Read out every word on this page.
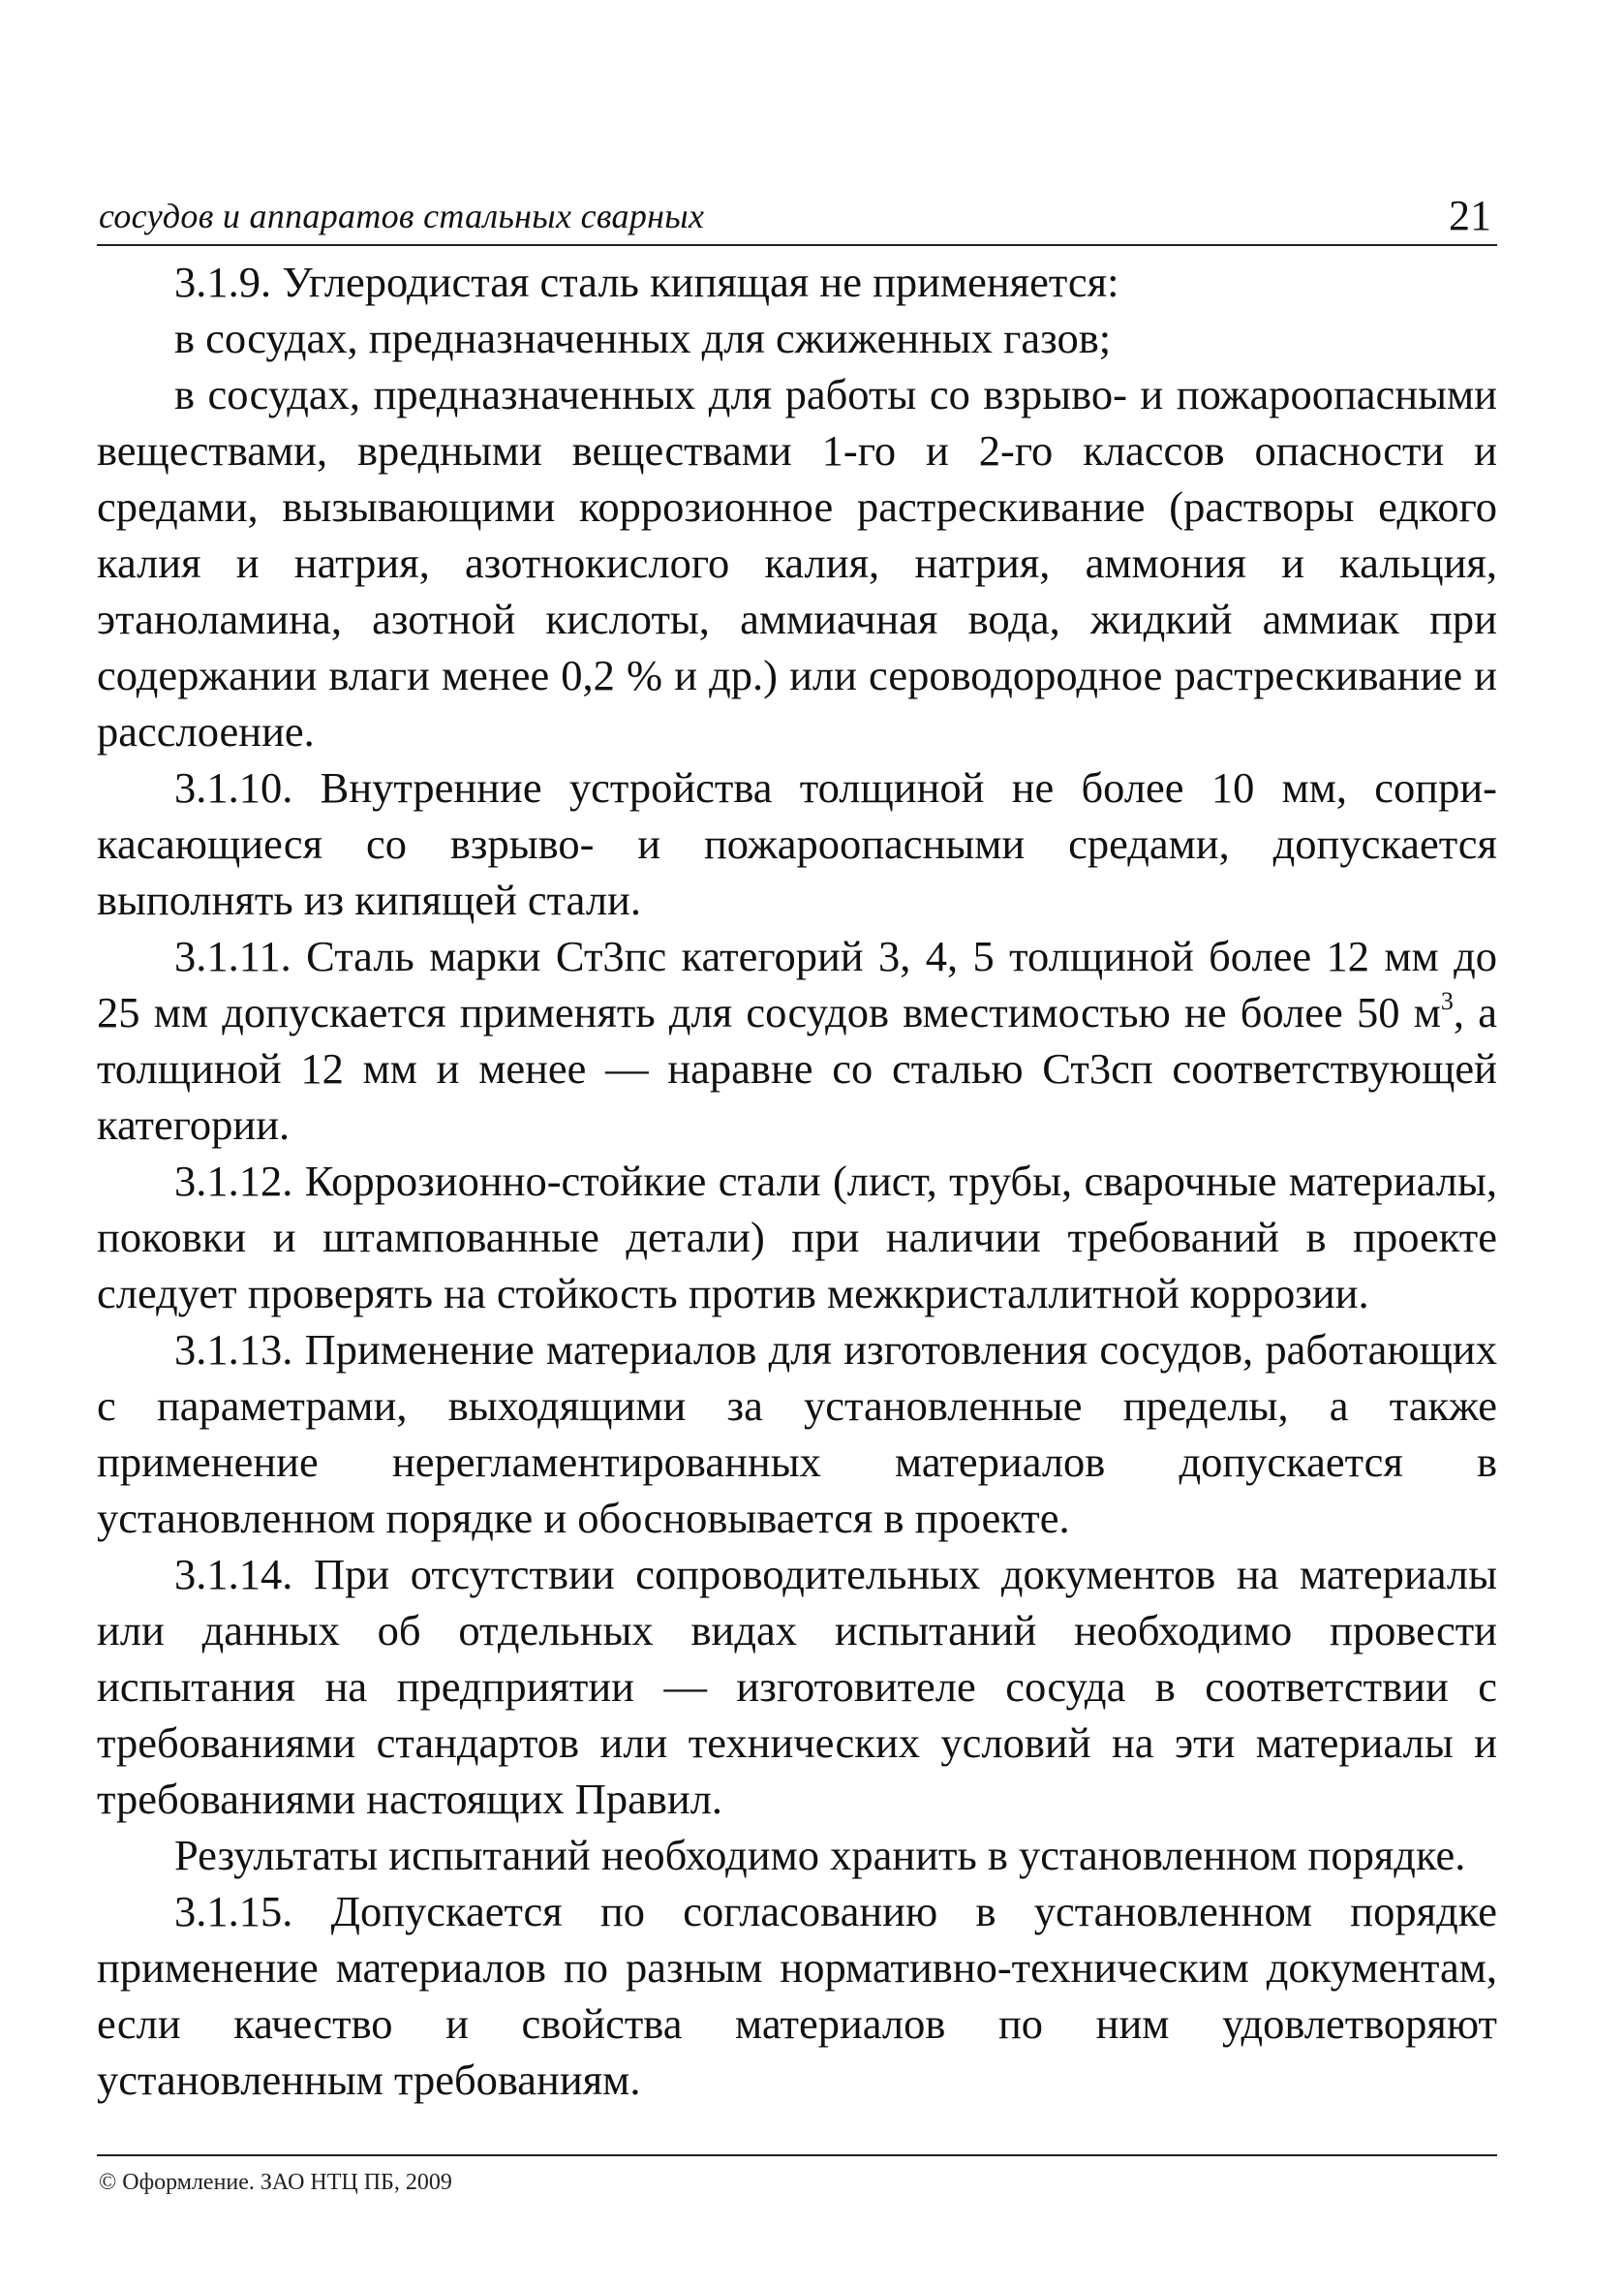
сосудов и аппаратов стальных сварных	21

3.1.9. Углеродистая сталь кипящая не применяется:

в сосудах, предназначенных для сжиженных газов;

в сосудах, предназначенных для работы со взрыво- и пожароопасными веществами, вредными веществами 1-го и 2-го классов опасности и средами, вызывающими коррозионное растрескивание (растворы едкого калия и натрия, азотнокислого калия, натрия, аммония и кальция, этаноламина, азотной кислоты, аммиачная вода, жидкий аммиак при содержании влаги менее 0,2 % и др.) или сероводородное растрескивание и расслоение.

3.1.10. Внутренние устройства толщиной не более 10 мм, соприкасающиеся со взрыво- и пожароопасными средами, допускается выполнять из кипящей стали.

3.1.11. Сталь марки Ст3пс категорий 3, 4, 5 толщиной более 12 мм до 25 мм допускается применять для сосудов вместимостью не более 50 $м^3$, а толщиной 12 мм и менее — наравне со сталью Ст3сп соответствующей категории.

3.1.12. Коррозионно-стойкие стали (лист, трубы, сварочные материалы, поковки и штампованные детали) при наличии требований в проекте следует проверять на стойкость против межкристаллитной коррозии.

3.1.13. Применение материалов для изготовления сосудов, работающих с параметрами, выходящими за установленные пределы, а также применение нерегламентированных материалов допускается в установленном порядке и обосновывается в проекте.

3.1.14. При отсутствии сопроводительных документов на материалы или данных об отдельных видах испытаний необходимо провести испытания на предприятии — изготовителе сосуда в соответствии с требованиями стандартов или технических условий на эти материалы и требованиями настоящих Правил.

Результаты испытаний необходимо хранить в установленном порядке.

3.1.15. Допускается по согласованию в установленном порядке применение материалов по разным нормативно-техническим документам, если качество и свойства материалов по ним удовлетворяют установленным требованиям.

© Оформление. ЗАО НТЦ ПБ, 2009
